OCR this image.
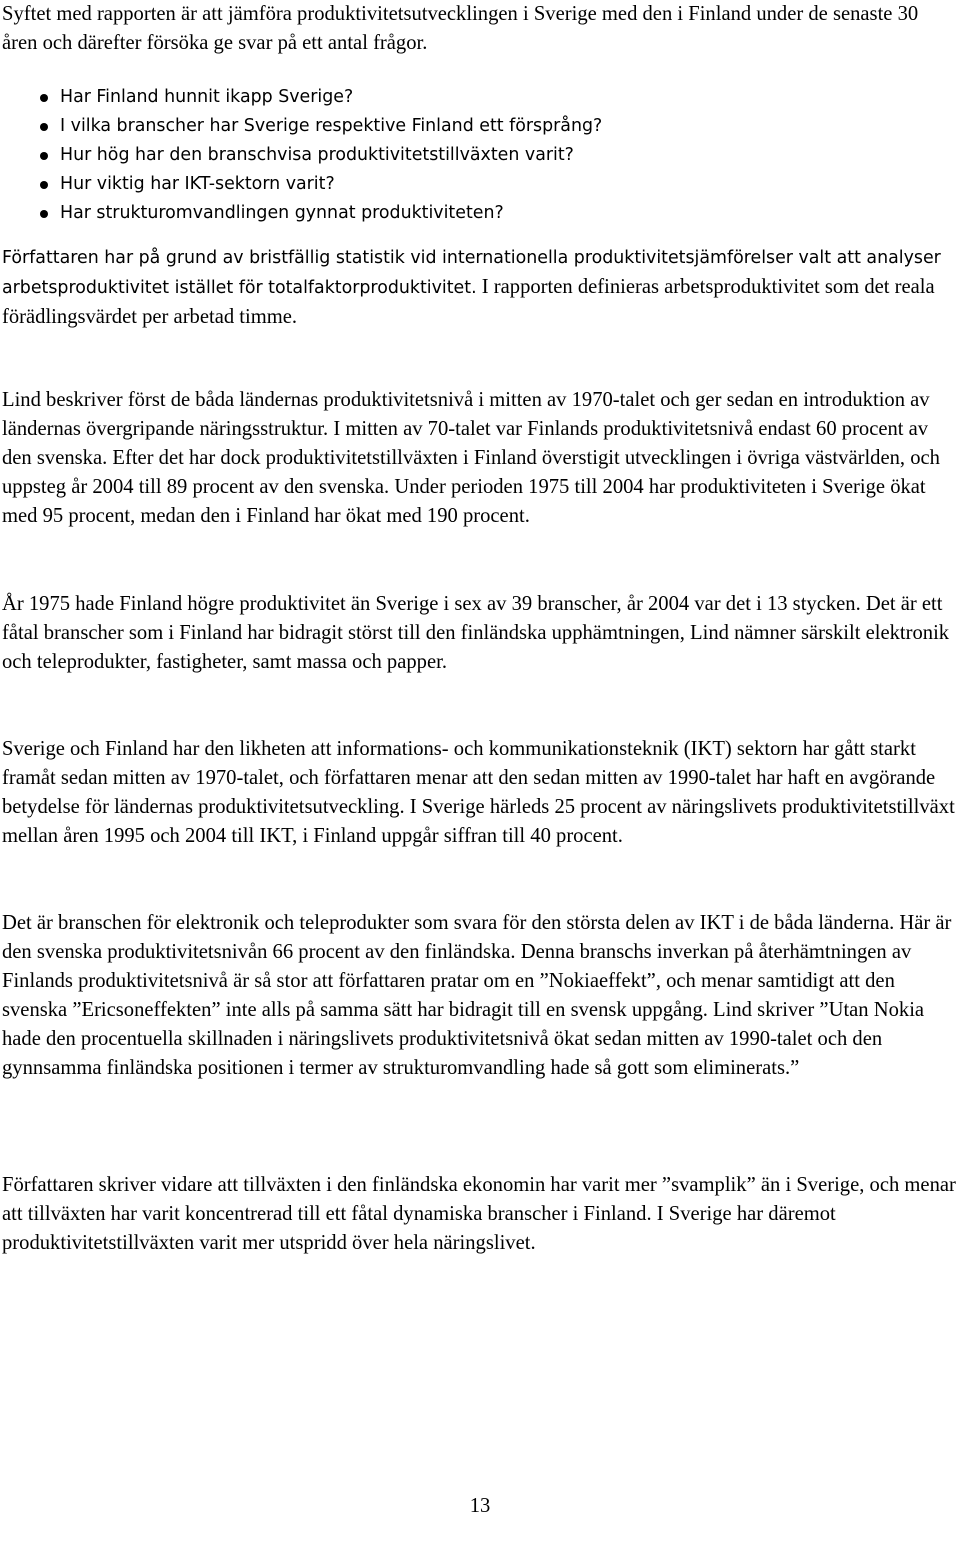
Syftet med rapporten är att jämföra produktivitetsutvecklingen i Sverige med den i Finland under de senaste 30 åren och därefter försöka ge svar på ett antal frågor.

Har Finland hunnit ikapp Sverige?
I vilka branscher har Sverige respektive Finland ett försprång?
Hur hög har den branschvisa produktivitetstillväxten varit?
Hur viktig har IKT-sektorn varit?
Har strukturomvandlingen gynnat produktiviteten?

Författaren har på grund av bristfällig statistik vid internationella produktivitetsjämförelser valt att analyser arbetsproduktivitet istället för totalfaktorproduktivitet. I rapporten definieras arbetsproduktivitet som det reala förädlingsvärdet per arbetad timme.

Lind beskriver först de båda ländernas produktivitetsnivå i mitten av 1970-talet och ger sedan en introduktion av ländernas övergripande näringsstruktur. I mitten av 70-talet var Finlands produktivitetsnivå endast 60 procent av den svenska. Efter det har dock produktivitetstillväxten i Finland överstigit utvecklingen i övriga västvärlden, och uppsteg år 2004 till 89 procent av den svenska. Under perioden 1975 till 2004 har produktiviteten i Sverige ökat med 95 procent, medan den i Finland har ökat med 190 procent.

År 1975 hade Finland högre produktivitet än Sverige i sex av 39 branscher, år 2004 var det i 13 stycken. Det är ett fåtal branscher som i Finland har bidragit störst till den finländska upphämtningen, Lind nämner särskilt elektronik och teleprodukter, fastigheter, samt massa och papper.

Sverige och Finland har den likheten att informations- och kommunikationsteknik (IKT) sektorn har gått starkt framåt sedan mitten av 1970-talet, och författaren menar att den sedan mitten av 1990-talet har haft en avgörande betydelse för ländernas produktivitetsutveckling. I Sverige härleds 25 procent av näringslivets produktivitetstillväxt mellan åren 1995 och 2004 till IKT, i Finland uppgår siffran till 40 procent.

Det är branschen för elektronik och teleprodukter som svara för den största delen av IKT i de båda länderna. Här är den svenska produktivitetsnivån 66 procent av den finländska. Denna branschs inverkan på återhämtningen av Finlands produktivitetsnivå är så stor att författaren pratar om en ”Nokiaeffekt”, och menar samtidigt att den svenska ”Ericsoneffekten” inte alls på samma sätt har bidragit till en svensk uppgång. Lind skriver ”Utan Nokia hade den procentuella skillnaden i näringslivets produktivitetsnivå ökat sedan mitten av 1990-talet och den gynnsamma finländska positionen i termer av strukturomvandling hade så gott som eliminerats.”

Författaren skriver vidare att tillväxten i den finländska ekonomin har varit mer ”svamplik” än i Sverige, och menar att tillväxten har varit koncentrerad till ett fåtal dynamiska branscher i Finland. I Sverige har däremot produktivitetstillväxten varit mer utspridd över hela näringslivet.

13
